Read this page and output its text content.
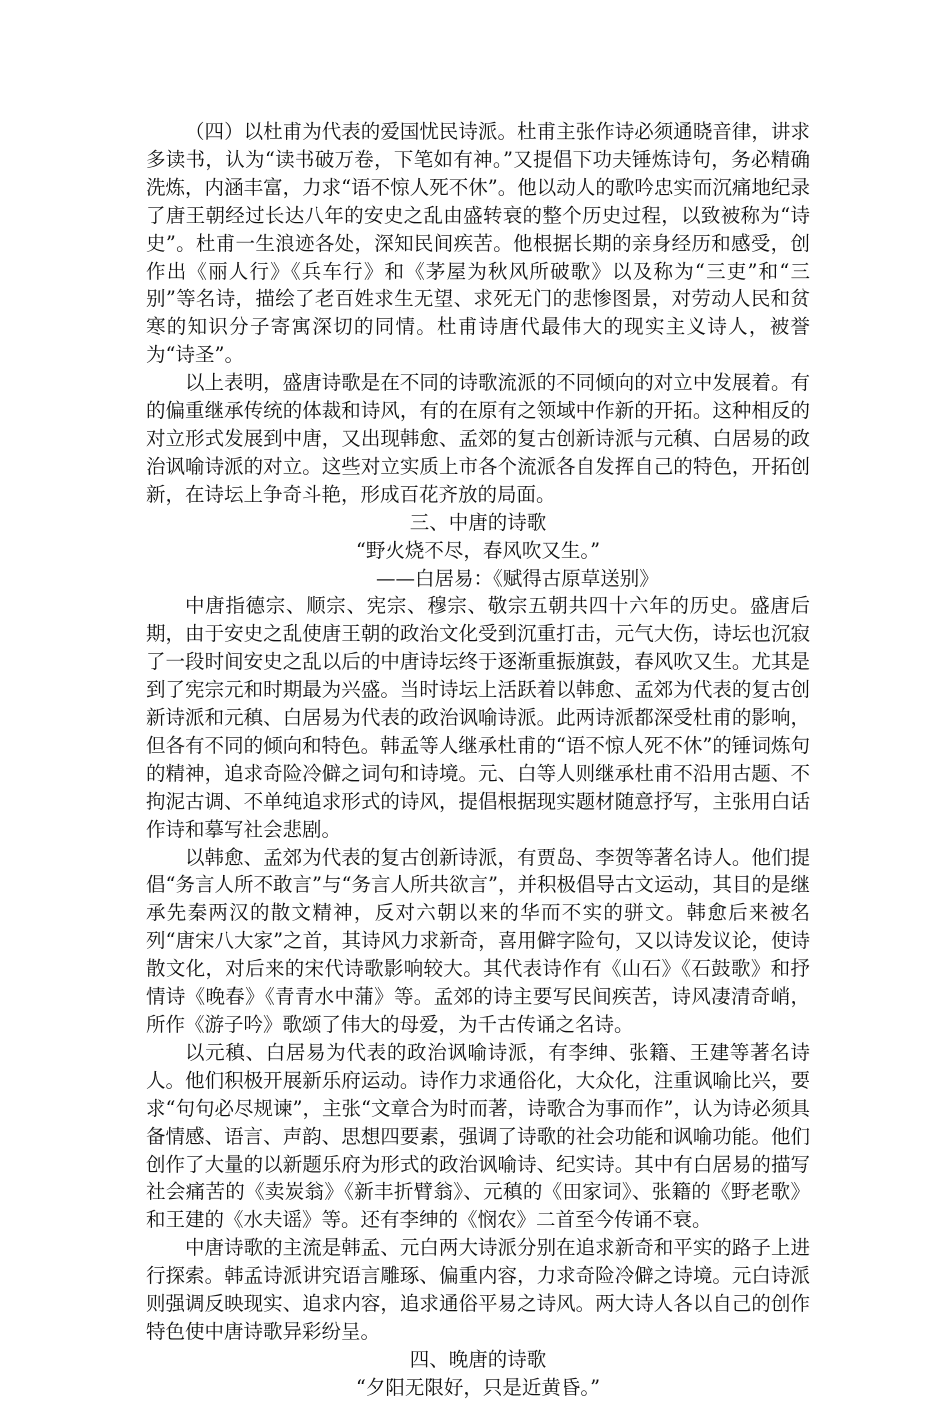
（四）以杜甫为代表的爱国忧民诗派。杜甫主张作诗必须通晓音律，讲求多读书，认为“读书破万卷，下笔如有神。”又提倡下功夫锤炼诗句，务必精确洗炼，内涵丰富，力求“语不惊人死不休”。他以动人的歌吟忠实而沉痛地纪录了唐王朝经过长达八年的安史之乱由盛转衰的整个历史过程，以致被称为“诗史”。杜甫一生浪迹各处，深知民间疾苦。他根据长期的亲身经历和感受，创作出《丽人行》《兵车行》和《茅屋为秋风所破歌》以及称为“三吏”和“三别”等名诗，描绘了老百姓求生无望、求死无门的悲惨图景，对劳动人民和贫寒的知识分子寄寓深切的同情。杜甫诗唐代最伟大的现实主义诗人，被誉为“诗圣”。

以上表明，盛唐诗歌是在不同的诗歌流派的不同倾向的对立中发展着。有的偏重继承传统的体裁和诗风，有的在原有之领域中作新的开拓。这种相反的对立形式发展到中唐，又出现韩愈、孟郊的复古创新诗派与元稹、白居易的政治讽喻诗派的对立。这些对立实质上市各个流派各自发挥自己的特色，开拓创新，在诗坛上争奇斗艳，形成百花齐放的局面。

三、中唐的诗歌

“野火烧不尽，春风吹又生。”

——白居易：《赋得古原草送别》

中唐指德宗、顺宗、宪宗、穆宗、敬宗五朝共四十六年的历史。盛唐后期，由于安史之乱使唐王朝的政治文化受到沉重打击，元气大伤，诗坛也沉寂了一段时间安史之乱以后的中唐诗坛终于逐渐重振旗鼓，春风吹又生。尤其是到了宪宗元和时期最为兴盛。当时诗坛上活跃着以韩愈、孟郊为代表的复古创新诗派和元稹、白居易为代表的政治讽喻诗派。此两诗派都深受杜甫的影响，但各有不同的倾向和特色。韩孟等人继承杜甫的“语不惊人死不休”的锤词炼句的精神，追求奇险冷僻之词句和诗境。元、白等人则继承杜甫不沿用古题、不拘泥古调、不单纯追求形式的诗风，提倡根据现实题材随意抒写，主张用白话作诗和摹写社会悲剧。

以韩愈、孟郊为代表的复古创新诗派，有贾岛、李贺等著名诗人。他们提倡“务言人所不敢言”与“务言人所共欲言”，并积极倡导古文运动，其目的是继承先秦两汉的散文精神，反对六朝以来的华而不实的骈文。韩愈后来被名列“唐宋八大家”之首，其诗风力求新奇，喜用僻字险句，又以诗发议论，使诗散文化，对后来的宋代诗歌影响较大。其代表诗作有《山石》《石鼓歌》和抒情诗《晚春》《青青水中蒲》等。孟郊的诗主要写民间疾苦，诗风凄清奇峭，所作《游子吟》歌颂了伟大的母爱，为千古传诵之名诗。

以元稹、白居易为代表的政治讽喻诗派，有李绅、张籍、王建等著名诗人。他们积极开展新乐府运动。诗作力求通俗化，大众化，注重讽喻比兴，要求“句句必尽规谏”，主张“文章合为时而著，诗歌合为事而作”，认为诗必须具备情感、语言、声韵、思想四要素，强调了诗歌的社会功能和讽喻功能。他们创作了大量的以新题乐府为形式的政治讽喻诗、纪实诗。其中有白居易的描写社会痛苦的《卖炭翁》《新丰折臂翁》、元稹的《田家词》、张籍的《野老歌》和王建的《水夫谣》等。还有李绅的《悯农》二首至今传诵不衰。

中唐诗歌的主流是韩孟、元白两大诗派分别在追求新奇和平实的路子上进行探索。韩孟诗派讲究语言雕琢、偏重内容，力求奇险冷僻之诗境。元白诗派则强调反映现实、追求内容，追求通俗平易之诗风。两大诗人各以自己的创作特色使中唐诗歌异彩纷呈。

四、晚唐的诗歌

“夕阳无限好，只是近黄昏。”
